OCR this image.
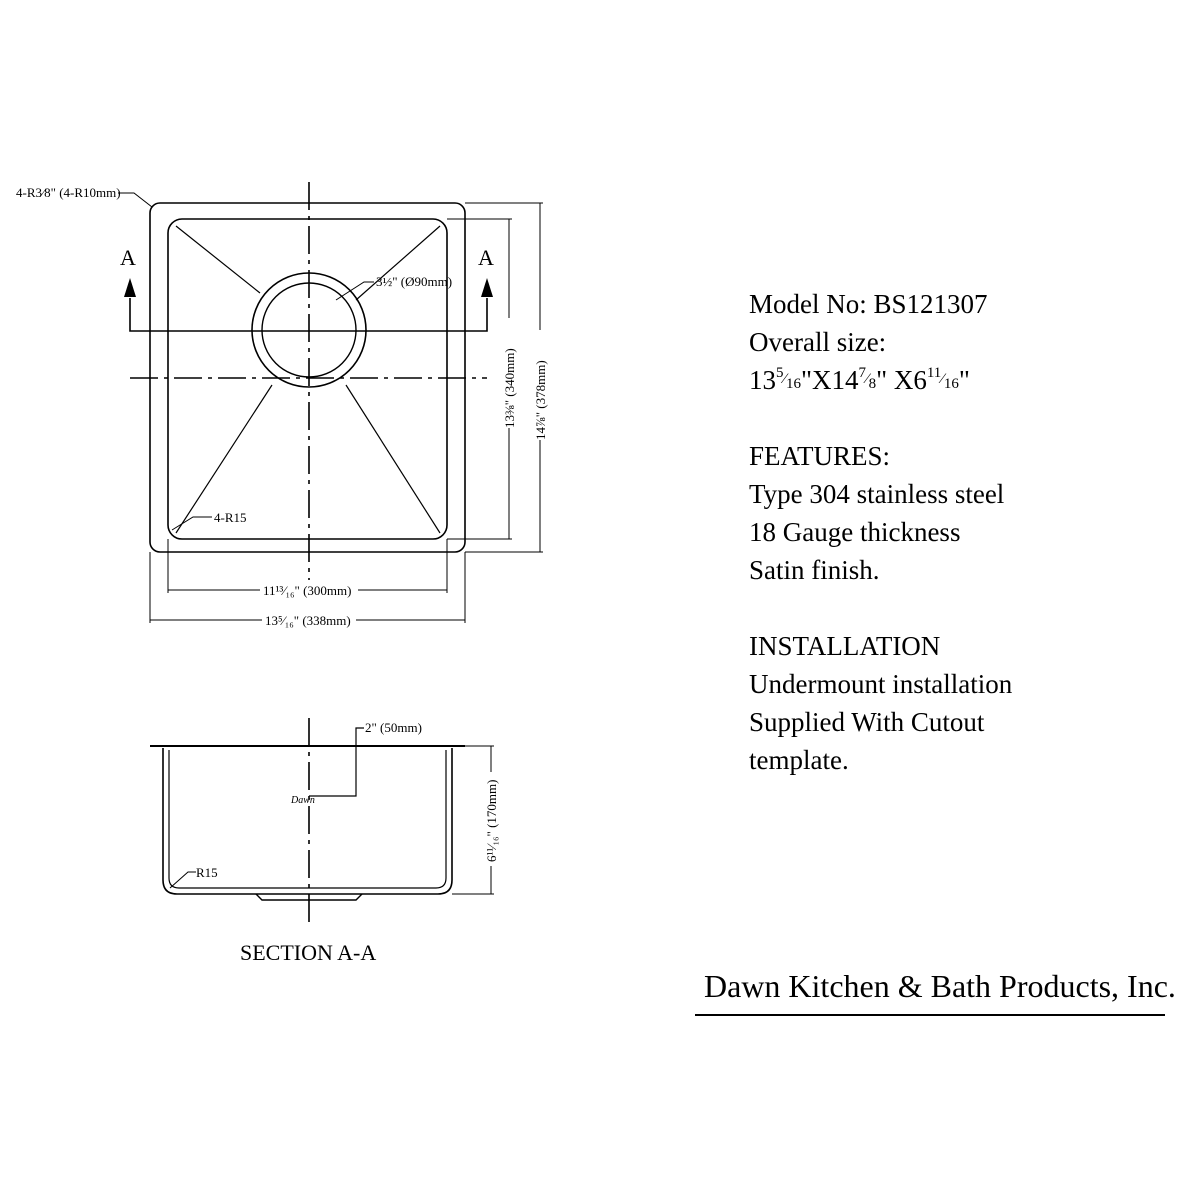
A	A
4-R3⁄8" (4-R10mm)
3½" (Ø90mm)
4-R15
13⅜" (340mm) 14⅞" (378mm)
11¹³⁄₁₆" (300mm)
13⁵⁄₁₆" (338mm)
2" (50mm)
Dawn	6¹¹⁄₁₆" (170mm)
R15
SECTION A-A
Model No: BS121307
Overall size:
135⁄16"X147⁄8" X611⁄16"
FEATURES:
Type 304 stainless steel
18 Gauge thickness
Satin finish.
INSTALLATION
Undermount installation
Supplied With Cutout
template.
Dawn Kitchen & Bath Products, Inc.
